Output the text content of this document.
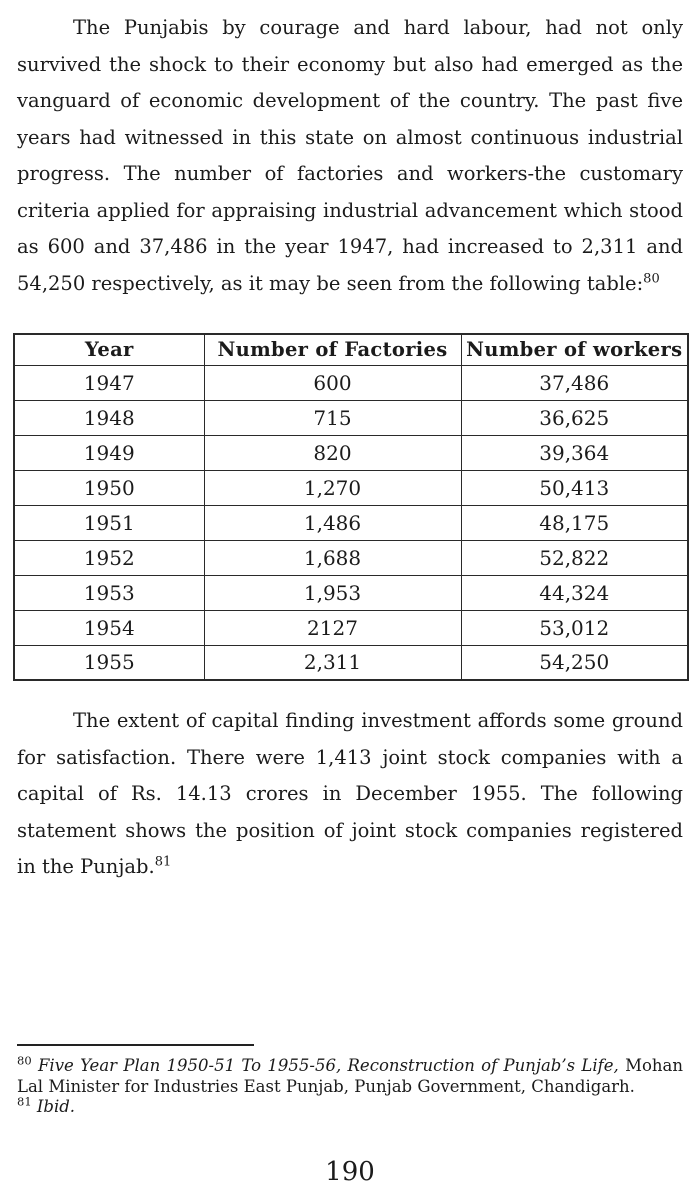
The Punjabis by courage and hard labour, had not only survived the shock to their economy but also had emerged as the vanguard of economic development of the country. The past five years had witnessed in this state on almost continuous industrial progress. The number of factories and workers-the customary criteria applied for appraising industrial advancement which stood as 600 and 37,486 in the year 1947, had increased to 2,311 and 54,250 respectively, as it may be seen from the following table:$^{80}$

Year	Number of Factories	Number of workers
1947	600	37,486
1948	715	36,625
1949	820	39,364
1950	1,270	50,413
1951	1,486	48,175
1952	1,688	52,822
1953	1,953	44,324
1954	2127	53,012
1955	2,311	54,250

The extent of capital finding investment affords some ground for satisfaction. There were 1,413 joint stock companies with a capital of Rs. 14.13 crores in December 1955. The following statement shows the position of joint stock companies registered in the Punjab.$^{81}$

$^{80}$ Five Year Plan 1950-51 To 1955-56, Reconstruction of Punjab’s Life, Mohan Lal Minister for Industries East Punjab, Punjab Government, Chandigarh.
$^{81}$ Ibid.
190
